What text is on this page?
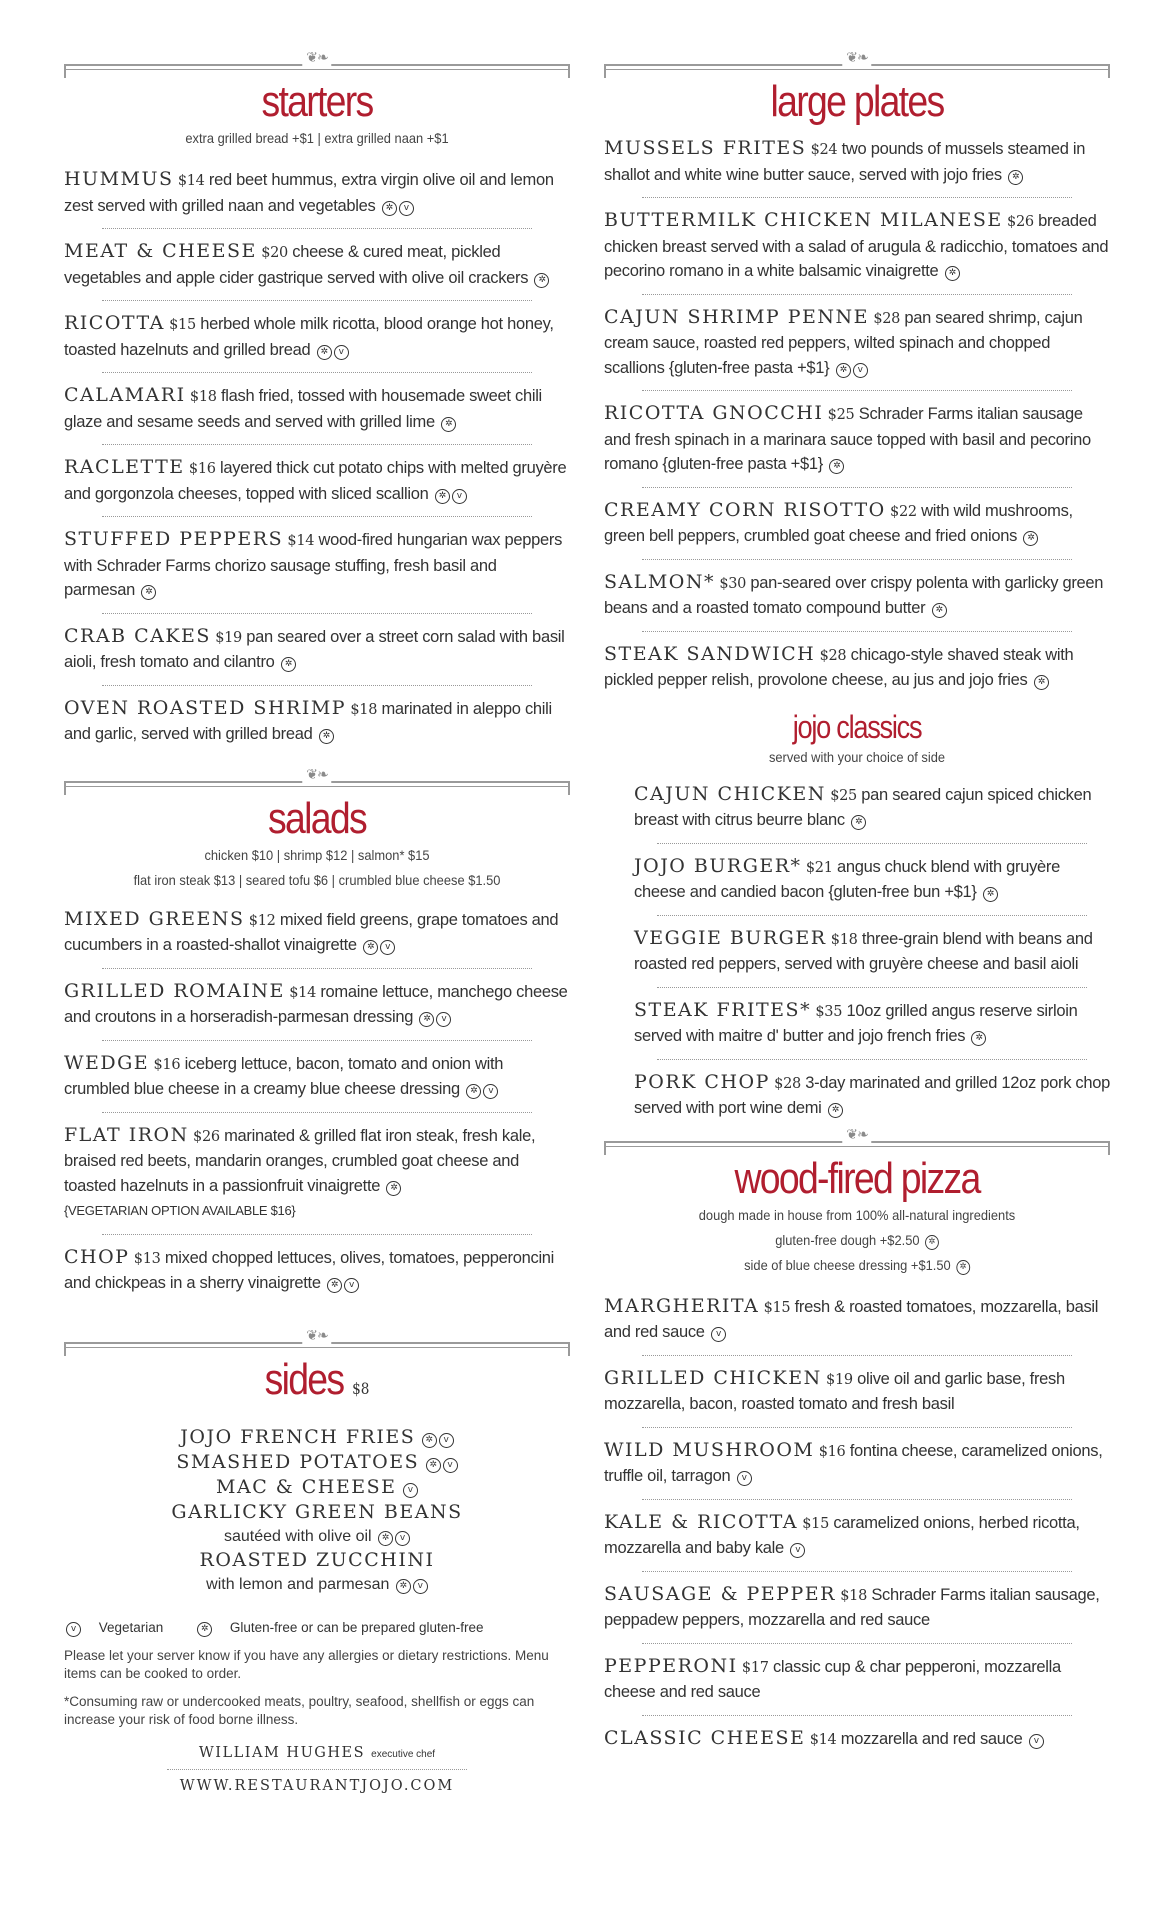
❦❧
starters
extra grilled bread +$1 | extra grilled naan +$1
HUMMUS $14 red beet hummus, extra virgin olive oil and lemon zest served with grilled naan and vegetables ✲ v
MEAT & CHEESE $20 cheese & cured meat, pickled vegetables and apple cider gastrique served with olive oil crackers ✲
RICOTTA $15 herbed whole milk ricotta, blood orange hot honey, toasted hazelnuts and grilled bread ✲ v
CALAMARI $18 flash fried, tossed with housemade sweet chili glaze and sesame seeds and served with grilled lime ✲
RACLETTE $16 layered thick cut potato chips with melted gruyère and gorgonzola cheeses, topped with sliced scallion ✲ v
STUFFED PEPPERS $14 wood-fired hungarian wax peppers with Schrader Farms chorizo sausage stuffing, fresh basil and parmesan ✲
CRAB CAKES $19 pan seared over a street corn salad with basil aioli, fresh tomato and cilantro ✲
OVEN ROASTED SHRIMP $18 marinated in aleppo chili and garlic, served with grilled bread ✲
❦❧
salads
chicken $10 | shrimp $12 | salmon* $15
flat iron steak $13 | seared tofu $6 | crumbled blue cheese $1.50
MIXED GREENS $12 mixed field greens, grape tomatoes and cucumbers in a roasted-shallot vinaigrette ✲ v
GRILLED ROMAINE $14 romaine lettuce, manchego cheese and croutons in a horseradish-parmesan dressing ✲ v
WEDGE $16 iceberg lettuce, bacon, tomato and onion with crumbled blue cheese in a creamy blue cheese dressing ✲ v
FLAT IRON $26 marinated & grilled flat iron steak, fresh kale, braised red beets, mandarin oranges, crumbled goat cheese and toasted hazelnuts in a passionfruit vinaigrette ✲
{VEGETARIAN OPTION AVAILABLE $16}
CHOP $13 mixed chopped lettuces, olives, tomatoes, pepperoncini and chickpeas in a sherry vinaigrette ✲ v
❦❧
sides $8
JOJO FRENCH FRIES ✲ v
SMASHED POTATOES ✲ v
MAC & CHEESE v
GARLICKY GREEN BEANS
sautéed with olive oil ✲ v
ROASTED ZUCCHINI
with lemon and parmesan ✲ v
v Vegetarian	✲ Gluten-free or can be prepared gluten-free
Please let your server know if you have any allergies or dietary restrictions. Menu items can be cooked to order.
*Consuming raw or undercooked meats, poultry, seafood, shellfish or eggs can increase your risk of food borne illness.
WILLIAM HUGHES executive chef
WWW.RESTAURANTJOJO.COM
❦❧
large plates
MUSSELS FRITES $24 two pounds of mussels steamed in shallot and white wine butter sauce, served with jojo fries ✲
BUTTERMILK CHICKEN MILANESE $26 breaded chicken breast served with a salad of arugula & radicchio, tomatoes and pecorino romano in a white balsamic vinaigrette ✲
CAJUN SHRIMP PENNE $28 pan seared shrimp, cajun cream sauce, roasted red peppers, wilted spinach and chopped scallions {gluten-free pasta +$1} ✲ v
RICOTTA GNOCCHI $25 Schrader Farms italian sausage and fresh spinach in a marinara sauce topped with basil and pecorino romano {gluten-free pasta +$1} ✲
CREAMY CORN RISOTTO $22 with wild mushrooms, green bell peppers, crumbled goat cheese and fried onions ✲
SALMON* $30 pan-seared over crispy polenta with garlicky green beans and a roasted tomato compound butter ✲
STEAK SANDWICH $28 chicago-style shaved steak with pickled pepper relish, provolone cheese, au jus and jojo fries ✲
jojo classics
served with your choice of side
CAJUN CHICKEN $25 pan seared cajun spiced chicken breast with citrus beurre blanc ✲
JOJO BURGER* $21 angus chuck blend with gruyère cheese and candied bacon {gluten-free bun +$1} ✲
VEGGIE BURGER $18 three-grain blend with beans and roasted red peppers, served with gruyère cheese and basil aioli
STEAK FRITES* $35 10oz grilled angus reserve sirloin served with maitre d' butter and jojo french fries ✲
PORK CHOP $28 3-day marinated and grilled 12oz pork chop served with port wine demi ✲
❦❧
wood-fired pizza
dough made in house from 100% all-natural ingredients
gluten-free dough +$2.50 ✲
side of blue cheese dressing +$1.50 ✲
MARGHERITA $15 fresh & roasted tomatoes, mozzarella, basil and red sauce v
GRILLED CHICKEN $19 olive oil and garlic base, fresh mozzarella, bacon, roasted tomato and fresh basil
WILD MUSHROOM $16 fontina cheese, caramelized onions, truffle oil, tarragon v
KALE & RICOTTA $15 caramelized onions, herbed ricotta, mozzarella and baby kale v
SAUSAGE & PEPPER $18 Schrader Farms italian sausage, peppadew peppers, mozzarella and red sauce
PEPPERONI $17 classic cup & char pepperoni, mozzarella cheese and red sauce
CLASSIC CHEESE $14 mozzarella and red sauce v
